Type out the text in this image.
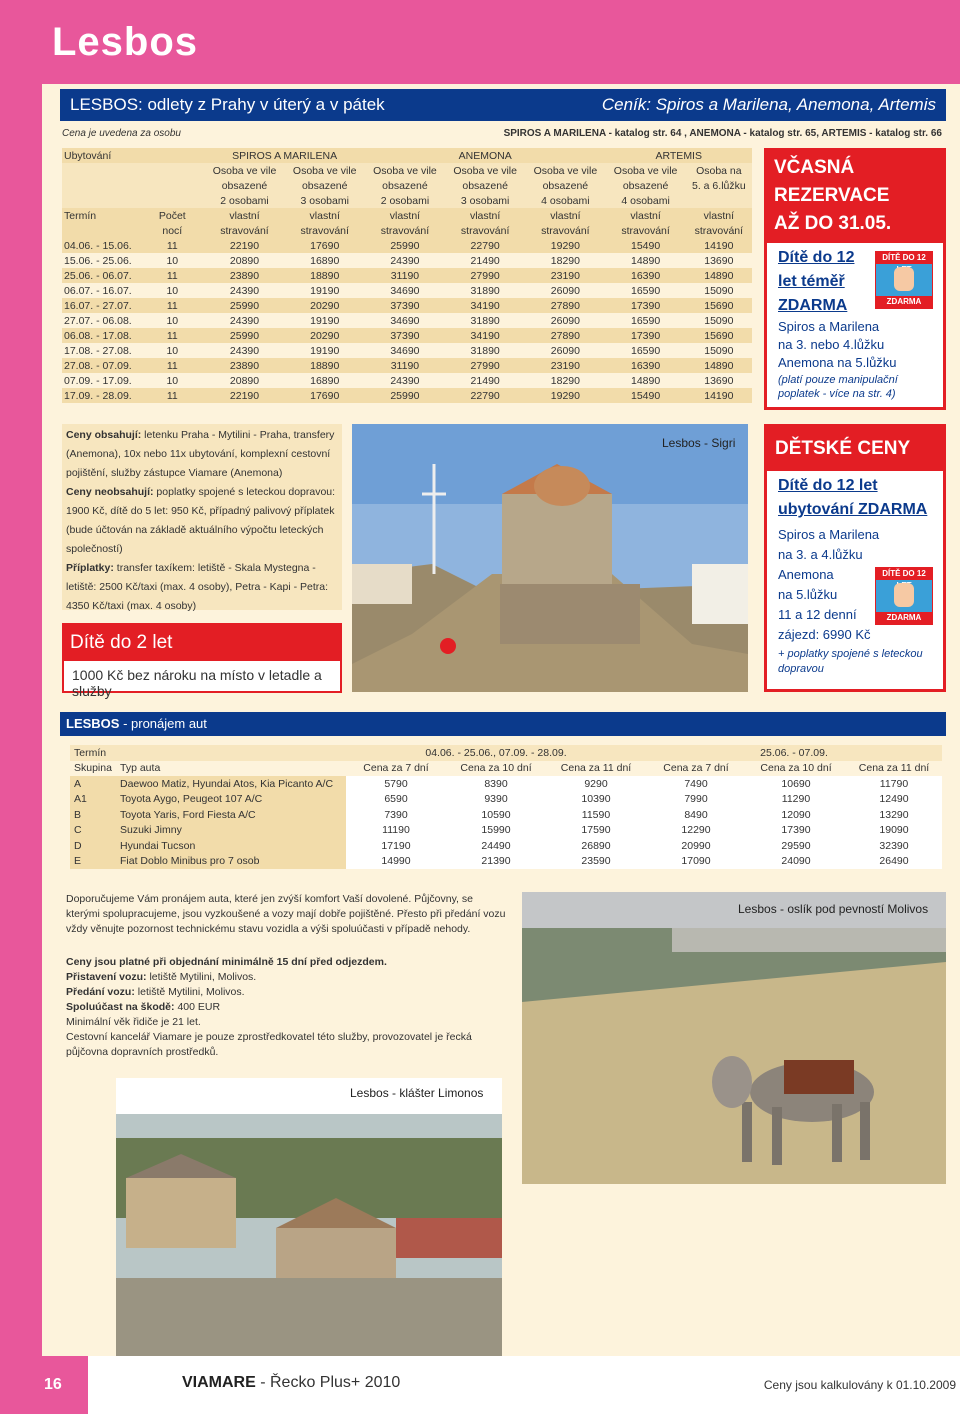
Lesbos
LESBOS: odlety z Prahy v úterý a v pátek	Ceník: Spiros a Marilena, Anemona, Artemis
Cena je uvedena za osobu	SPIROS A MARILENA - katalog str. 64 , ANEMONA - katalog str. 65, ARTEMIS - katalog str. 66
Ubytování		SPIROS A MARILENA		ANEMONA			ARTEMIS	
		Osoba ve vile	Osoba ve vile	Osoba ve vile	Osoba ve vile	Osoba ve vile	Osoba ve vile	Osoba na
		obsazené	obsazené	obsazené	obsazené	obsazené	obsazené	5. a 6.lůžku
		2 osobami	3 osobami	2 osobami	3 osobami	4 osobami	4 osobami	
Termín	Počet	vlastní	vlastní	vlastní	vlastní	vlastní	vlastní	vlastní
	nocí	stravování	stravování	stravování	stravování	stravování	stravování	stravování
04.06. - 15.06.	11	22190	17690	25990	22790	19290	15490	14190
15.06. - 25.06.	10	20890	16890	24390	21490	18290	14890	13690
25.06. - 06.07.	11	23890	18890	31190	27990	23190	16390	14890
06.07. - 16.07.	10	24390	19190	34690	31890	26090	16590	15090
16.07. - 27.07.	11	25990	20290	37390	34190	27890	17390	15690
27.07. - 06.08.	10	24390	19190	34690	31890	26090	16590	15090
06.08. - 17.08.	11	25990	20290	37390	34190	27890	17390	15690
17.08. - 27.08.	10	24390	19190	34690	31890	26090	16590	15090
27.08. - 07.09.	11	23890	18890	31190	27990	23190	16390	14890
07.09. - 17.09.	10	20890	16890	24390	21490	18290	14890	13690
17.09. - 28.09.	11	22190	17690	25990	22790	19290	15490	14190
VČASNÁ
REZERVACE
AŽ DO 31.05.
Dítě do 12
let téměř
ZDARMA
DÍTĚ DO 12
ZDARMA
Spiros a Marilena
na 3. nebo 4.lůžku
Anemona na 5.lůžku
(platí pouze manipulační poplatek - více na str. 4)
Ceny obsahují: letenku Praha - Mytilini - Praha, transfery (Anemona), 10x nebo 11x ubytování, komplexní cestovní pojištění, služby zástupce Viamare (Anemona)
Ceny neobsahují: poplatky spojené s leteckou dopravou: 1900 Kč, dítě do 5 let: 950 Kč, případný palivový příplatek (bude účtován na základě aktuálního výpočtu leteckých společností)
Příplatky: transfer taxíkem: letiště - Skala Mystegna - letiště: 2500 Kč/taxi (max. 4 osoby), Petra - Kapi - Petra: 4350 Kč/taxi (max. 4 osoby)
Dítě do 2 let
1000 Kč bez nároku na místo v letadle a služby
Lesbos - Sigri	DĚTSKÉ CENY
Dítě do 12 let
ubytování ZDARMA
Spiros a Marilena
na 3. a 4.lůžku
Anemona
na 5.lůžku
11 a 12 denní
zájezd: 6990 Kč
+ poplatky spojené s leteckou dopravou
DÍTĚ DO 12
ZDARMA
LESBOS - pronájem aut
Termín		04.06. - 25.06., 07.09. - 28.09.			25.06. - 07.09.		
Skupina	Typ auta	Cena za 7 dní	Cena za 10 dní	Cena za 11 dní	Cena za 7 dní	Cena za 10 dní	Cena za 11 dní
A	Daewoo Matiz, Hyundai Atos, Kia Picanto A/C	5790	8390	9290	7490	10690	11790
A1	Toyota Aygo, Peugeot 107 A/C	6590	9390	10390	7990	11290	12490
B	Toyota Yaris, Ford Fiesta A/C	7390	10590	11590	8490	12090	13290
C	Suzuki Jimny	11190	15990	17590	12290	17390	19090
D	Hyundai Tucson	17190	24490	26890	20990	29590	32390
E	Fiat Doblo Minibus pro 7 osob	14990	21390	23590	17090	24090	26490
Doporučujeme Vám pronájem auta, které jen zvýší komfort Vaší dovolené. Půjčovny, se kterými spolupracujeme, jsou vyzkoušené a vozy mají dobře pojištěné. Přesto při předání vozu vždy věnujte pozornost technickému stavu vozidla a výši spoluúčasti v případě nehody.
Ceny jsou platné při objednání minimálně 15 dní před odjezdem.
Přistavení vozu: letiště Mytilini, Molivos.
Předání vozu: letiště Mytilini, Molivos.
Spoluúčast na škodě: 400 EUR
Minimální věk řidiče je 21 let.
Cestovní kancelář Viamare je pouze zprostředkovatel této služby, provozovatel je řecká půjčovna dopravních prostředků.
Lesbos - oslík pod pevností Molivos
Lesbos - klášter Limonos
16	VIAMARE - Řecko Plus+ 2010	Ceny jsou kalkulovány k 01.10.2009
